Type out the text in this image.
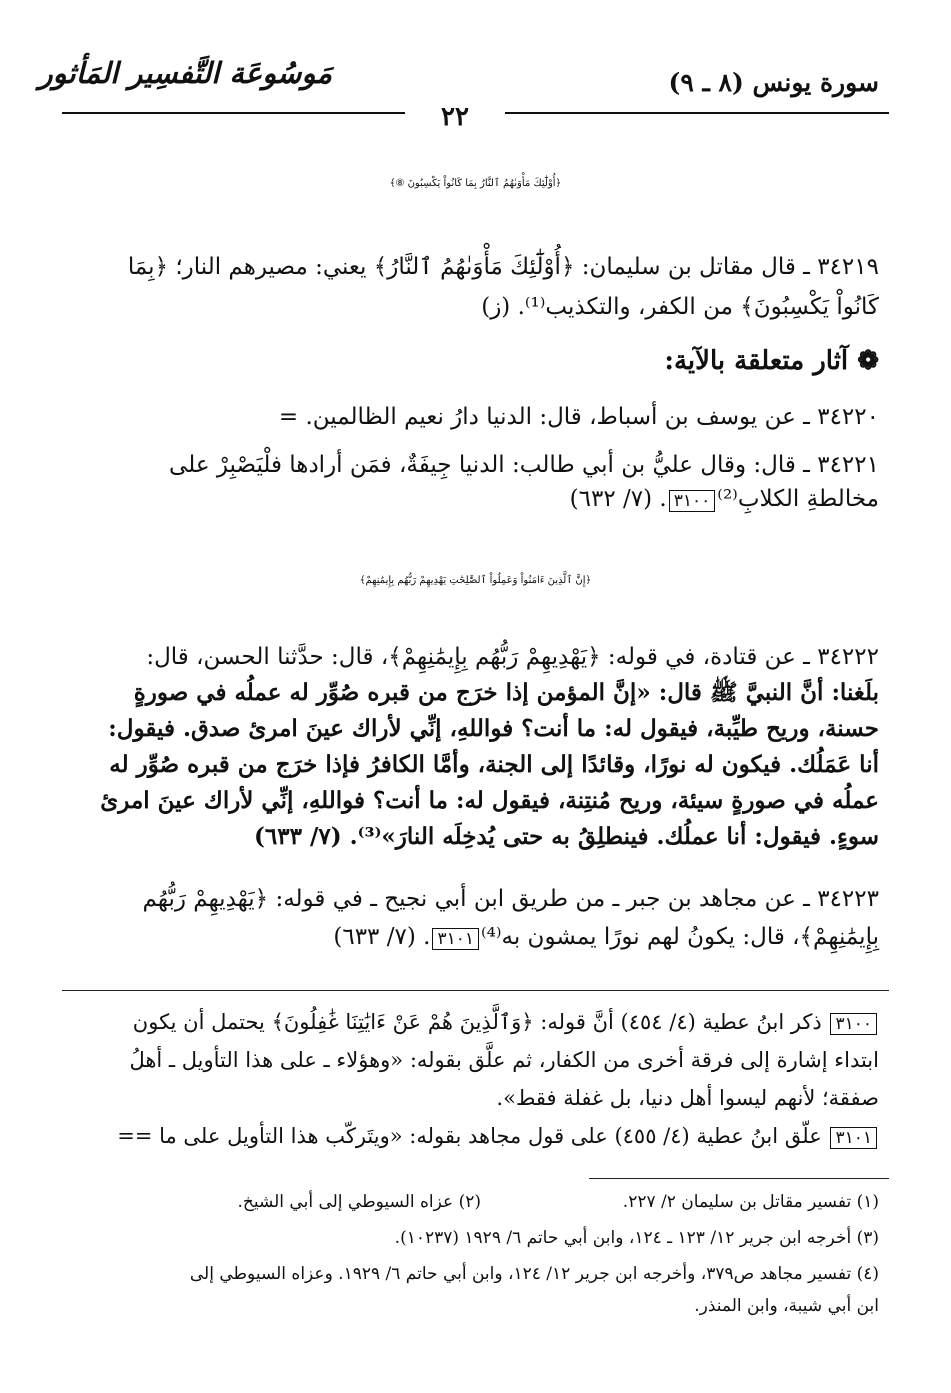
مَوسُوعَة التَّفسِير المَأثور	سورة يونس (٨ ـ ٩)
٢٢
﴿أُوْلَٰٓئِكَ مَأْوَىٰهُمُ ٱلنَّارُ بِمَا كَانُواْ يَكْسِبُونَ ⑧﴾
٣٤٢١٩ ـ قال مقاتل بن سليمان: ﴿أُوْلَٰٓئِكَ مَأْوَىٰهُمُ ٱلنَّارُ﴾ يعني: مصيرهم النار؛ ﴿بِمَا
كَانُواْ يَكْسِبُونَ﴾ من الكفر، والتكذيب⁽¹⁾. (ز)
❁ آثار متعلقة بالآية:
٣٤٢٢٠ ـ عن يوسف بن أسباط، قال: الدنيا دارُ نعيم الظالمين. =
٣٤٢٢١ ـ قال: وقال عليُّ بن أبي طالب: الدنيا جِيفَةٌ، فمَن أرادها فلْيَصْبِرْ على
مخالطةِ الكلابِ⁽²⁾٣١٠٠. (٧/ ٦٣٢)
﴿إِنَّ ٱلَّذِينَ ءَامَنُواْ وَعَمِلُواْ ٱلصَّٰلِحَٰتِ يَهْدِيهِمْ رَبُّهُم بِإِيمَٰنِهِمْ﴾
٣٤٢٢٢ ـ عن قتادة، في قوله: ﴿يَهْدِيهِمْ رَبُّهُم بِإِيمَٰنِهِمْ﴾، قال: حدَّثنا الحسن، قال:
بلَغنا: أنَّ النبيَّ ﷺ قال: «إنَّ المؤمن إذا خرَج من قبره صُوِّر له عملُه في صورةٍ
حسنة، وريح طيِّبة، فيقول له: ما أنت؟ فواللهِ، إنِّي لأراك عينَ امرئ صدق. فيقول:
أنا عَمَلُك. فيكون له نورًا، وقائدًا إلى الجنة، وأمَّا الكافرُ فإذا خرَج من قبره صُوِّر له
عملُه في صورةٍ سيئة، وريح مُنتِنة، فيقول له: ما أنت؟ فواللهِ، إنِّي لأراك عينَ امرئ
سوءٍ. فيقول: أنا عملُك. فينطلِقُ به حتى يُدخِلَه النارَ»⁽³⁾. (٧/ ٦٣٣)
٣٤٢٢٣ ـ عن مجاهد بن جبر ـ من طريق ابن أبي نجيح ـ في قوله: ﴿يَهْدِيهِمْ رَبُّهُم
بِإِيمَٰنِهِمْ﴾، قال: يكونُ لهم نورًا يمشون به⁽⁴⁾٣١٠١. (٧/ ٦٣٣)
٣١٠٠ ذكر ابنُ عطية (٤/ ٤٥٤) أنَّ قوله: ﴿وَٱلَّذِينَ هُمْ عَنْ ءَايَٰتِنَا غَٰفِلُونَ﴾ يحتمل أن يكون
ابتداء إشارة إلى فرقة أخرى من الكفار، ثم علَّق بقوله: «وهؤلاء ـ على هذا التأويل ـ أهلُ
صفقة؛ لأنهم ليسوا أهل دنيا، بل غفلة فقط».
٣١٠١ علّق ابنُ عطية (٤/ ٤٥٥) على قول مجاهد بقوله: «ويتَركّب هذا التأويل على ما ==
(١) تفسير مقاتل بن سليمان ٢/ ٢٢٧.
(٢) عزاه السيوطي إلى أبي الشيخ.
(٣) أخرجه ابن جرير ١٢/ ١٢٣ ـ ١٢٤، وابن أبي حاتم ٦/ ١٩٢٩ (١٠٢٣٧).
(٤) تفسير مجاهد ص٣٧٩، وأخرجه ابن جرير ١٢/ ١٢٤، وابن أبي حاتم ٦/ ١٩٢٩. وعزاه السيوطي إلى
ابن أبي شيبة، وابن المنذر.
